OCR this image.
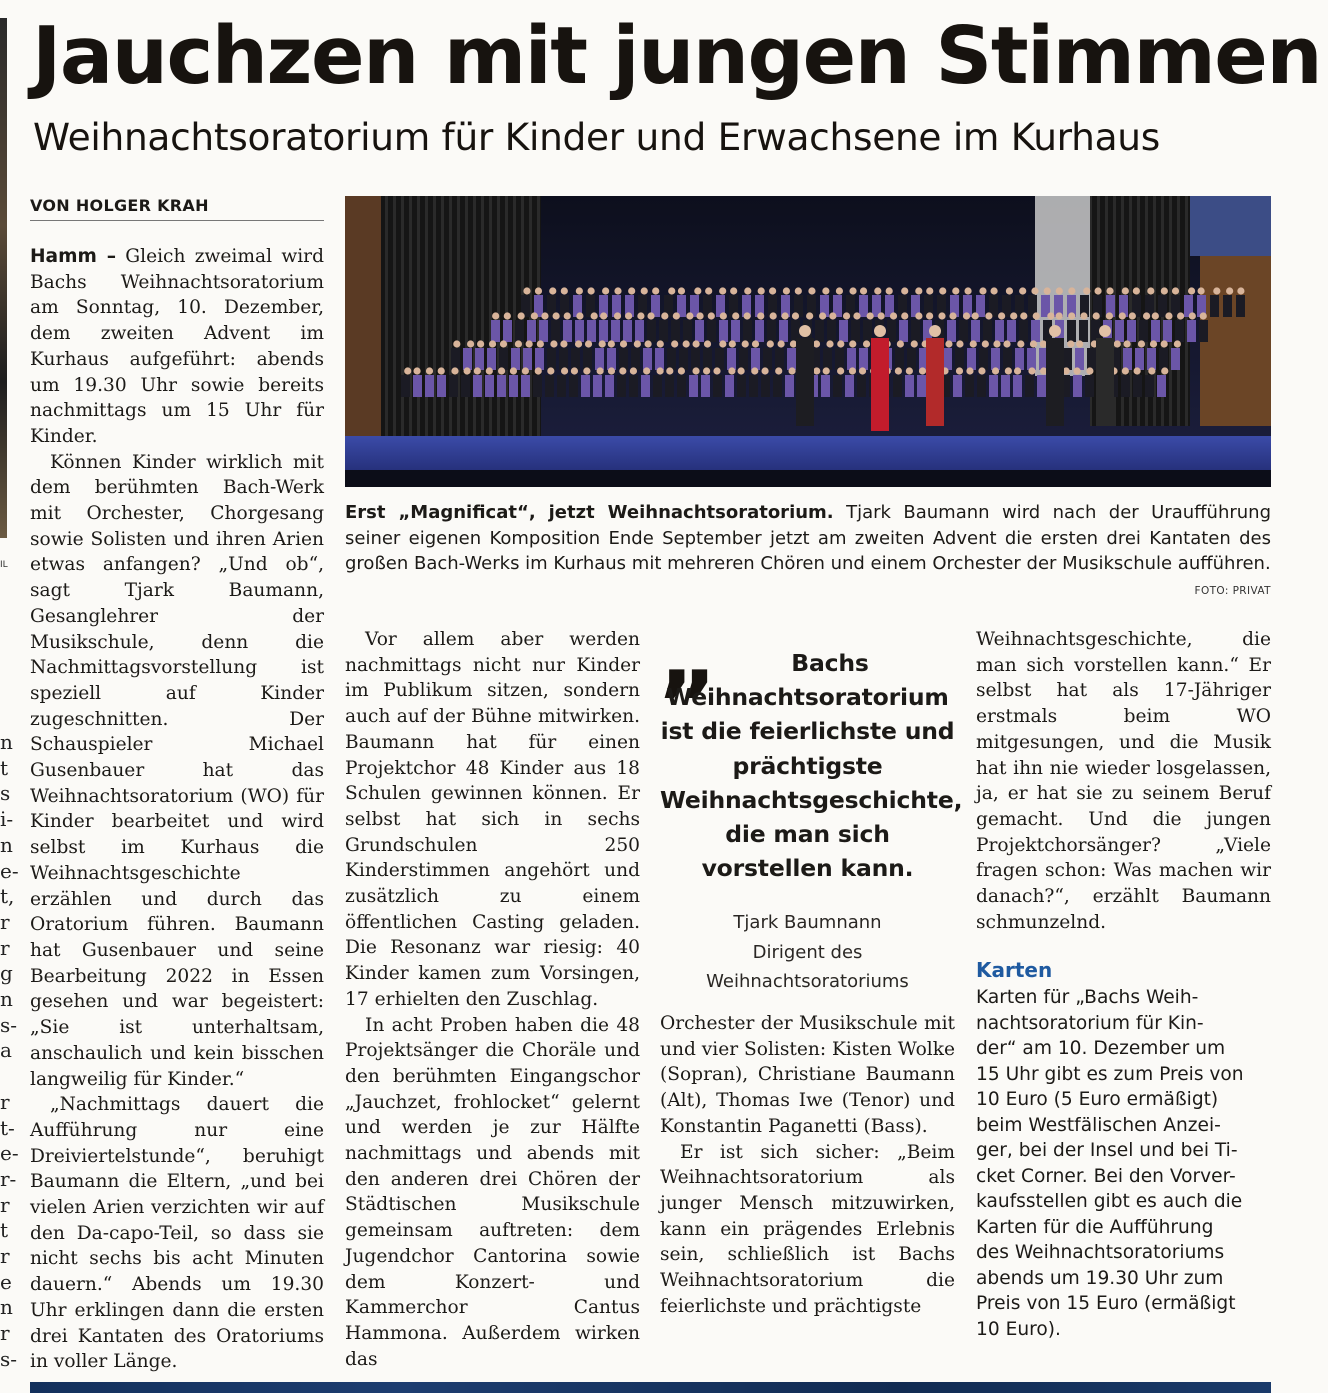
IL
n
t
s
i-
n
e-
t,
r
r
g
n
s-
a

r
t-
e-
r-
r
t
r
e
n
r
s-
Jauchzen mit jungen Stimmen
Weihnachtsoratorium für Kinder und Erwachsene im Kurhaus
VON HOLGER KRAH

Hamm – Gleich zweimal wird Bachs Weihnachtsoratorium am Sonntag, 10. Dezember, dem zweiten Advent im Kurhaus aufgeführt: abends um 19.30 Uhr sowie bereits nachmittags um 15 Uhr für Kinder.

Können Kinder wirklich mit dem berühmten Bach-Werk mit Orchester, Chorgesang sowie Solisten und ihren Arien etwas anfangen? „Und ob“, sagt Tjark Baumann, Gesanglehrer der Musikschule, denn die Nachmittagsvorstellung ist speziell auf Kinder zugeschnitten. Der Schauspieler Michael Gusenbauer hat das Weihnachtsoratorium (WO) für Kinder bearbeitet und wird selbst im Kurhaus die Weihnachtsgeschichte erzählen und durch das Oratorium führen. Baumann hat Gusenbauer und seine Bearbeitung 2022 in Essen gesehen und war begeistert: „Sie ist unterhaltsam, anschaulich und kein bisschen langweilig für Kinder.“

„Nachmittags dauert die Aufführung nur eine Dreiviertelstunde“, beruhigt Baumann die Eltern, „und bei vielen Arien verzichten wir auf den Da-capo-Teil, so dass sie nicht sechs bis acht Minuten dauern.“ Abends um 19.30 Uhr erklingen dann die ersten drei Kantaten des Oratoriums in voller Länge.

Erst „Magnificat“, jetzt Weihnachtsoratorium. Tjark Baumann wird nach der Uraufführung seiner eigenen Komposition Ende September jetzt am zweiten Advent die ersten drei Kantaten des großen Bach-Werks im Kurhaus mit mehreren Chören und einem Orchester der Musikschule aufführen.
FOTO: PRIVAT

Vor allem aber werden nachmittags nicht nur Kinder im Publikum sitzen, sondern auch auf der Bühne mitwirken. Baumann hat für einen Projektchor 48 Kinder aus 18 Schulen gewinnen können. Er selbst hat sich in sechs Grundschulen 250 Kinderstimmen angehört und zusätzlich zu einem öffentlichen Casting geladen. Die Resonanz war riesig: 40 Kinder kamen zum Vorsingen, 17 erhielten den Zuschlag.

In acht Proben haben die 48 Projektsänger die Choräle und den berühmten Eingangschor „Jauchzet, frohlocket“ gelernt und werden je zur Hälfte nachmittags und abends mit den anderen drei Chören der Städtischen Musikschule gemeinsam auftreten: dem Jugendchor Cantorina sowie dem Konzert- und Kammerchor Cantus Hammona. Außerdem wirken das

„	Bachs
Weihnachtsoratorium ist die feierlichste und prächtigste Weihnachtsgeschichte, die man sich vorstellen kann.
Tjark Baumnann
Dirigent des
Weihnachtsoratoriums

Orchester der Musikschule mit und vier Solisten: Kisten Wolke (Sopran), Christiane Baumann (Alt), Thomas Iwe (Tenor) und Konstantin Paganetti (Bass).

Er ist sich sicher: „Beim Weihnachtsoratorium als junger Mensch mitzuwirken, kann ein prägendes Erlebnis sein, schließlich ist Bachs Weihnachtsoratorium die feierlichste und prächtigste

Weihnachtsgeschichte, die man sich vorstellen kann.“ Er selbst hat als 17-Jähriger erstmals beim WO mitgesungen, und die Musik hat ihn nie wieder losgelassen, ja, er hat sie zu seinem Beruf gemacht. Und die jungen Projektchorsänger? „Viele fragen schon: Was machen wir danach?“, erzählt Baumann schmunzelnd.

Karten
Karten für „Bachs Weih-
nachtsoratorium für Kin-
der“ am 10. Dezember um
15 Uhr gibt es zum Preis von
10 Euro (5 Euro ermäßigt)
beim Westfälischen Anzei-
ger, bei der Insel und bei Ti-
cket Corner. Bei den Vorver-
kaufsstellen gibt es auch die
Karten für die Aufführung
des Weihnachtsoratoriums
abends um 19.30 Uhr zum
Preis von 15 Euro (ermäßigt
10 Euro).
